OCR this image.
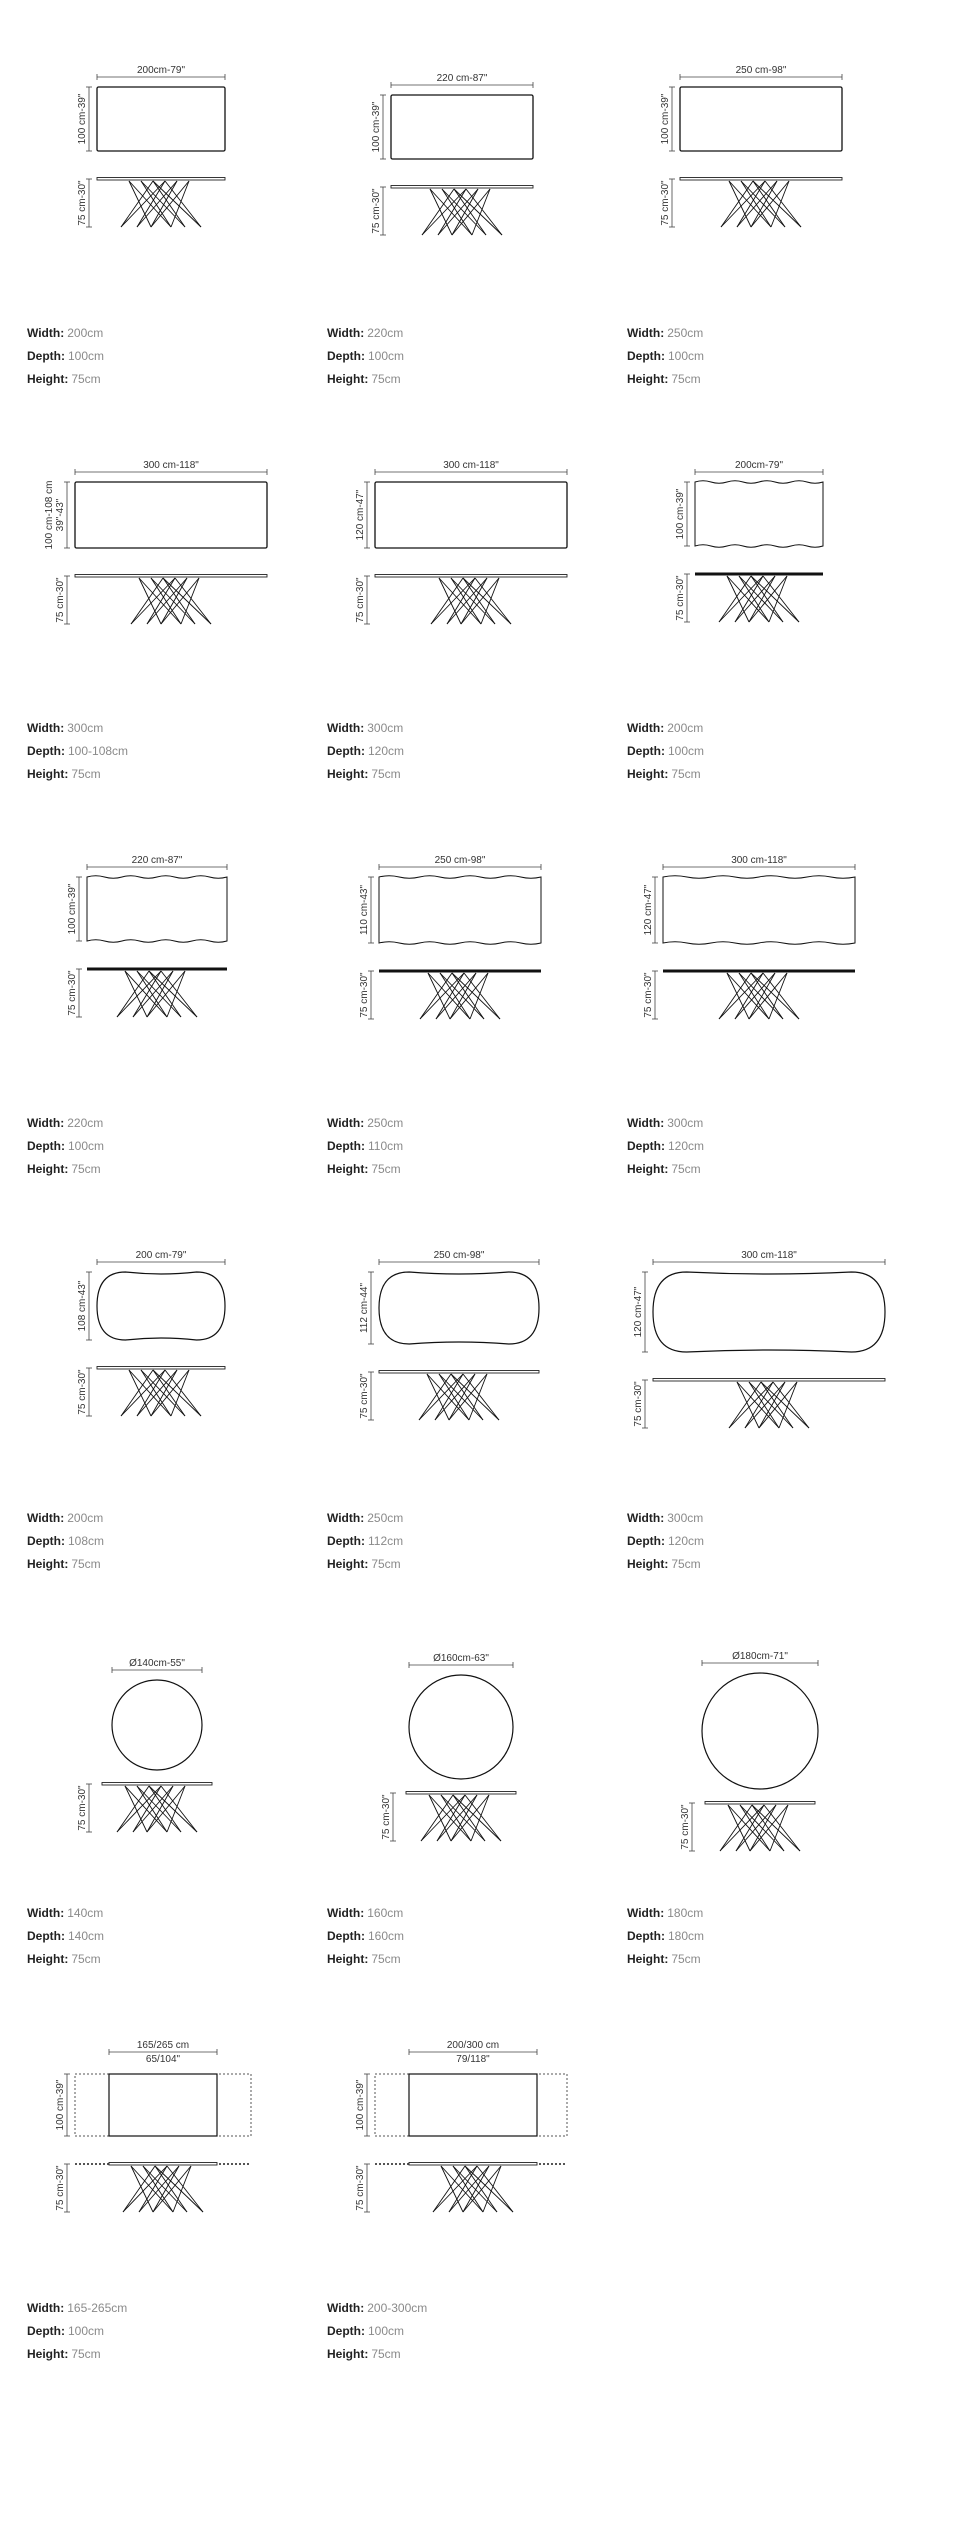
200cm-79"
100 cm-39"
75 cm-30"
Width: 200cm
Depth: 100cm
Height: 75cm
220 cm-87"
100 cm-39"
75 cm-30"
Width: 220cm
Depth: 100cm
Height: 75cm
250 cm-98"
100 cm-39"
75 cm-30"
Width: 250cm
Depth: 100cm
Height: 75cm
300 cm-118"
100 cm-108 cm 39"-43"
75 cm-30"
Width: 300cm
Depth: 100-108cm
Height: 75cm
300 cm-118"
120 cm-47"
75 cm-30"
Width: 300cm
Depth: 120cm
Height: 75cm
200cm-79"
100 cm-39"
75 cm-30"
Width: 200cm
Depth: 100cm
Height: 75cm
220 cm-87"
100 cm-39"
75 cm-30"
Width: 220cm
Depth: 100cm
Height: 75cm
250 cm-98"
110 cm-43"
75 cm-30"
Width: 250cm
Depth: 110cm
Height: 75cm
300 cm-118"
120 cm-47"
75 cm-30"
Width: 300cm
Depth: 120cm
Height: 75cm
200 cm-79"
108 cm-43"
75 cm-30"
Width: 200cm
Depth: 108cm
Height: 75cm
250 cm-98"
112 cm-44"
75 cm-30"
Width: 250cm
Depth: 112cm
Height: 75cm
300 cm-118"
120 cm-47"
75 cm-30"
Width: 300cm
Depth: 120cm
Height: 75cm
Ø140cm-55"
75 cm-30"
Width: 140cm
Depth: 140cm
Height: 75cm
Ø160cm-63"
75 cm-30"
Width: 160cm
Depth: 160cm
Height: 75cm
Ø180cm-71"
75 cm-30"
Width: 180cm
Depth: 180cm
Height: 75cm
165/265 cm
65/104"
100 cm-39"
75 cm-30"
Width: 165-265cm
Depth: 100cm
Height: 75cm
200/300 cm
79/118"
100 cm-39"
75 cm-30"
Width: 200-300cm
Depth: 100cm
Height: 75cm
